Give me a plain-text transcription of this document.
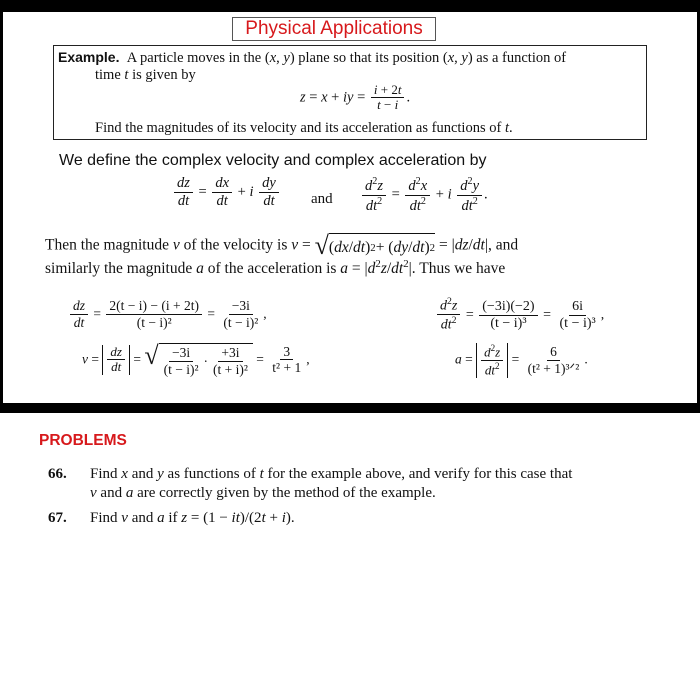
Physical Applications
Example.  A particle moves in the (x, y) plane so that its position (x, y) as a function of
time t is given by
z = x + iy = $\frac{i + 2t}{t - i}$ .
Find the magnitudes of its velocity and its acceleration as functions of t.
We define the complex velocity and complex acceleration by
$\frac{dz}{dt} = \frac{dx}{dt} + i \frac{dy}{dt}$ and $\frac{d^2z}{dt^2} = \frac{d^2x}{dt^2} + i \frac{d^2y}{dt^2}$ .
Then the magnitude v of the velocity is v = √ ( dx / dt ) 2 + ( dy / dt ) 2 = |dz/dt|, and
similarly the magnitude a of the acceleration is $a = |d^2z/dt^2|$. Thus we have
$\frac{dz}{dt} = \frac{2(t - i) - (i + 2t)}{\text{(t − i)²}} = \frac{-3i}{\text{(t − i)²}}$ ,	$\frac{d^2z}{dt^2} = \frac{(-3i)(-2)}{\text{(t − i)³}} = \frac{6i}{\text{(t − i)³}}$ ,
$v = \frac{dz}{dt}$ = √ $\frac{-3i}{\text{(t − i)²}} \cdot \frac{+3i}{\text{(t + i)²}} = \frac{3}{\text{t² + 1}}$ ,	$a = \frac{d^2z}{dt^2} = \frac{6}{\text{(t² + 1)³ᐟ²}}$ .
PROBLEMS
66. Find x and y as functions of t for the example above, and verify for this case that
v and a are correctly given by the method of the example.
67. Find v and a if z = (1 − it)/(2t + i).
